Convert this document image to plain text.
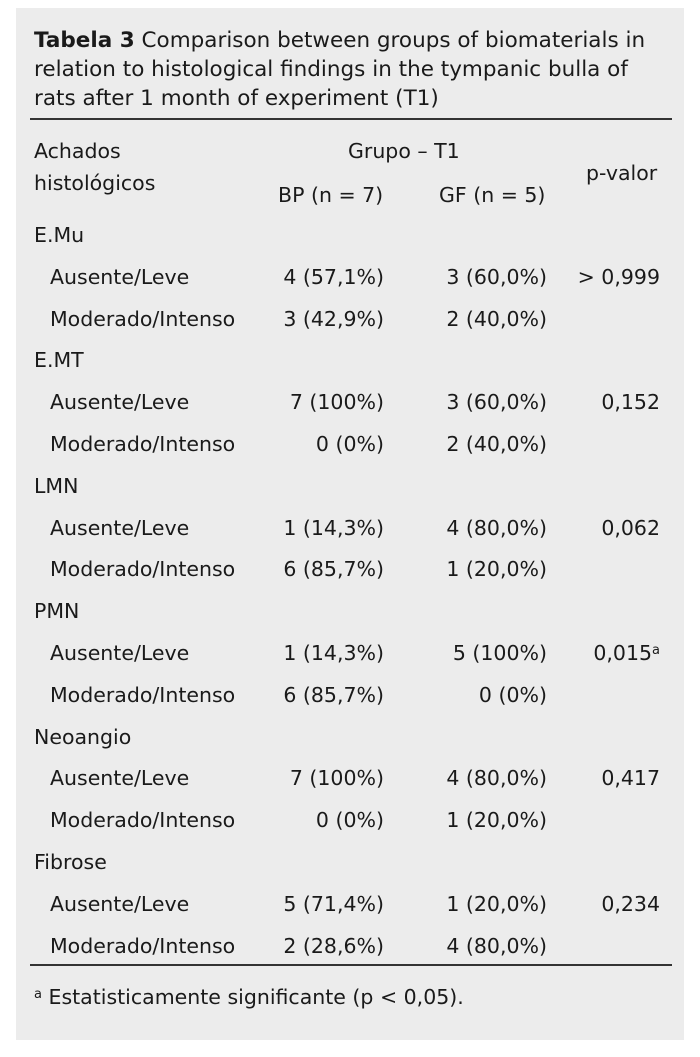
Tabela 3 Comparison between groups of biomaterials in relation to histological findings in the tympanic bulla of rats after 1 month of experiment (T1)
Achados
histológicos
Grupo – T1
p-valor
BP (n = 7)	GF (n = 5)
E.Mu
Ausente/Leve	4 (57,1%)	3 (60,0%) > 0,999
Moderado/Intenso 3 (42,9%)	2 (40,0%)
E.MT
Ausente/Leve	7 (100%)	3 (60,0%)	0,152
Moderado/Intenso	0 (0%)	2 (40,0%)
LMN
Ausente/Leve	1 (14,3%)	4 (80,0%)	0,062
Moderado/Intenso 6 (85,7%)	1 (20,0%)
PMN
Ausente/Leve	1 (14,3%)	5 (100%) 0,015$^a$
Moderado/Intenso 6 (85,7%)	0 (0%)
Neoangio
Ausente/Leve	7 (100%)	4 (80,0%)	0,417
Moderado/Intenso	0 (0%)	1 (20,0%)
Fibrose
Ausente/Leve	5 (71,4%)	1 (20,0%)	0,234
Moderado/Intenso 2 (28,6%)	4 (80,0%)
$^a$ Estatisticamente significante (p < 0,05).
